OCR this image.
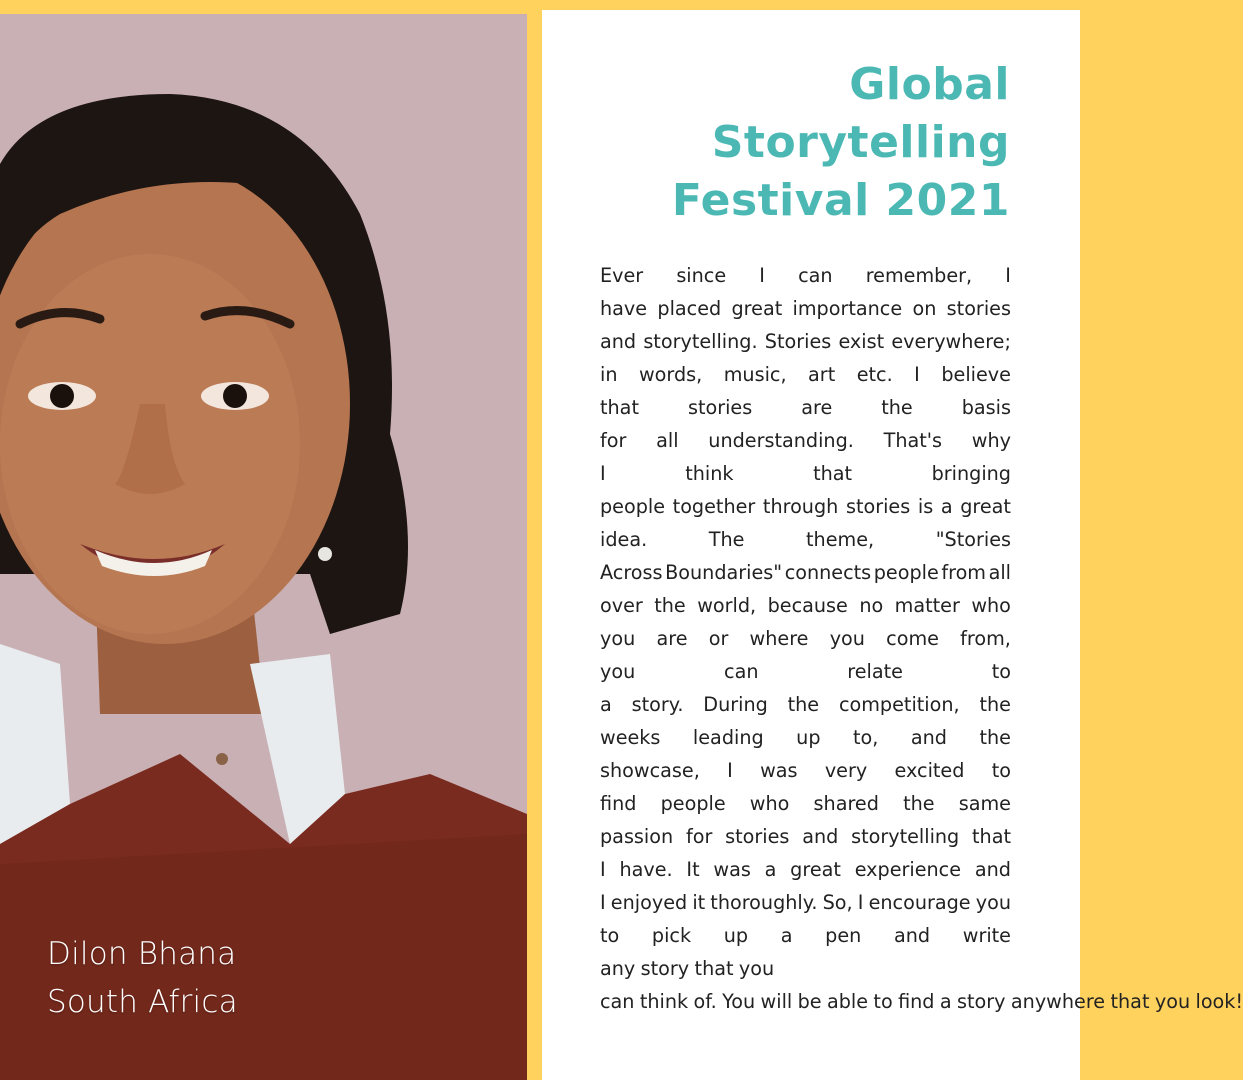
Dilon Bhana
South Africa
Global
Storytelling
Festival 2021
Ever since I can remember, I
have placed great importance on stories
and storytelling. Stories exist everywhere;
in words, music, art etc. I believe
that	stories	are	the	basis
for all understanding. That's why
I	think	that	bringing
people together through stories is a great
idea.	The	theme,	"Stories
Across Boundaries" connects people from all
over the world, because no matter who
you are or where you come from,
you	can	relate	to
a story. During the competition, the
weeks leading up to, and the
showcase, I was very excited to
find people who shared the same
passion for stories and storytelling that
I have. It was a great experience and
I enjoyed it thoroughly. So, I encourage you
to pick up a pen and write
any story that you
can think of. You will be able to find a story anywhere that you look!
